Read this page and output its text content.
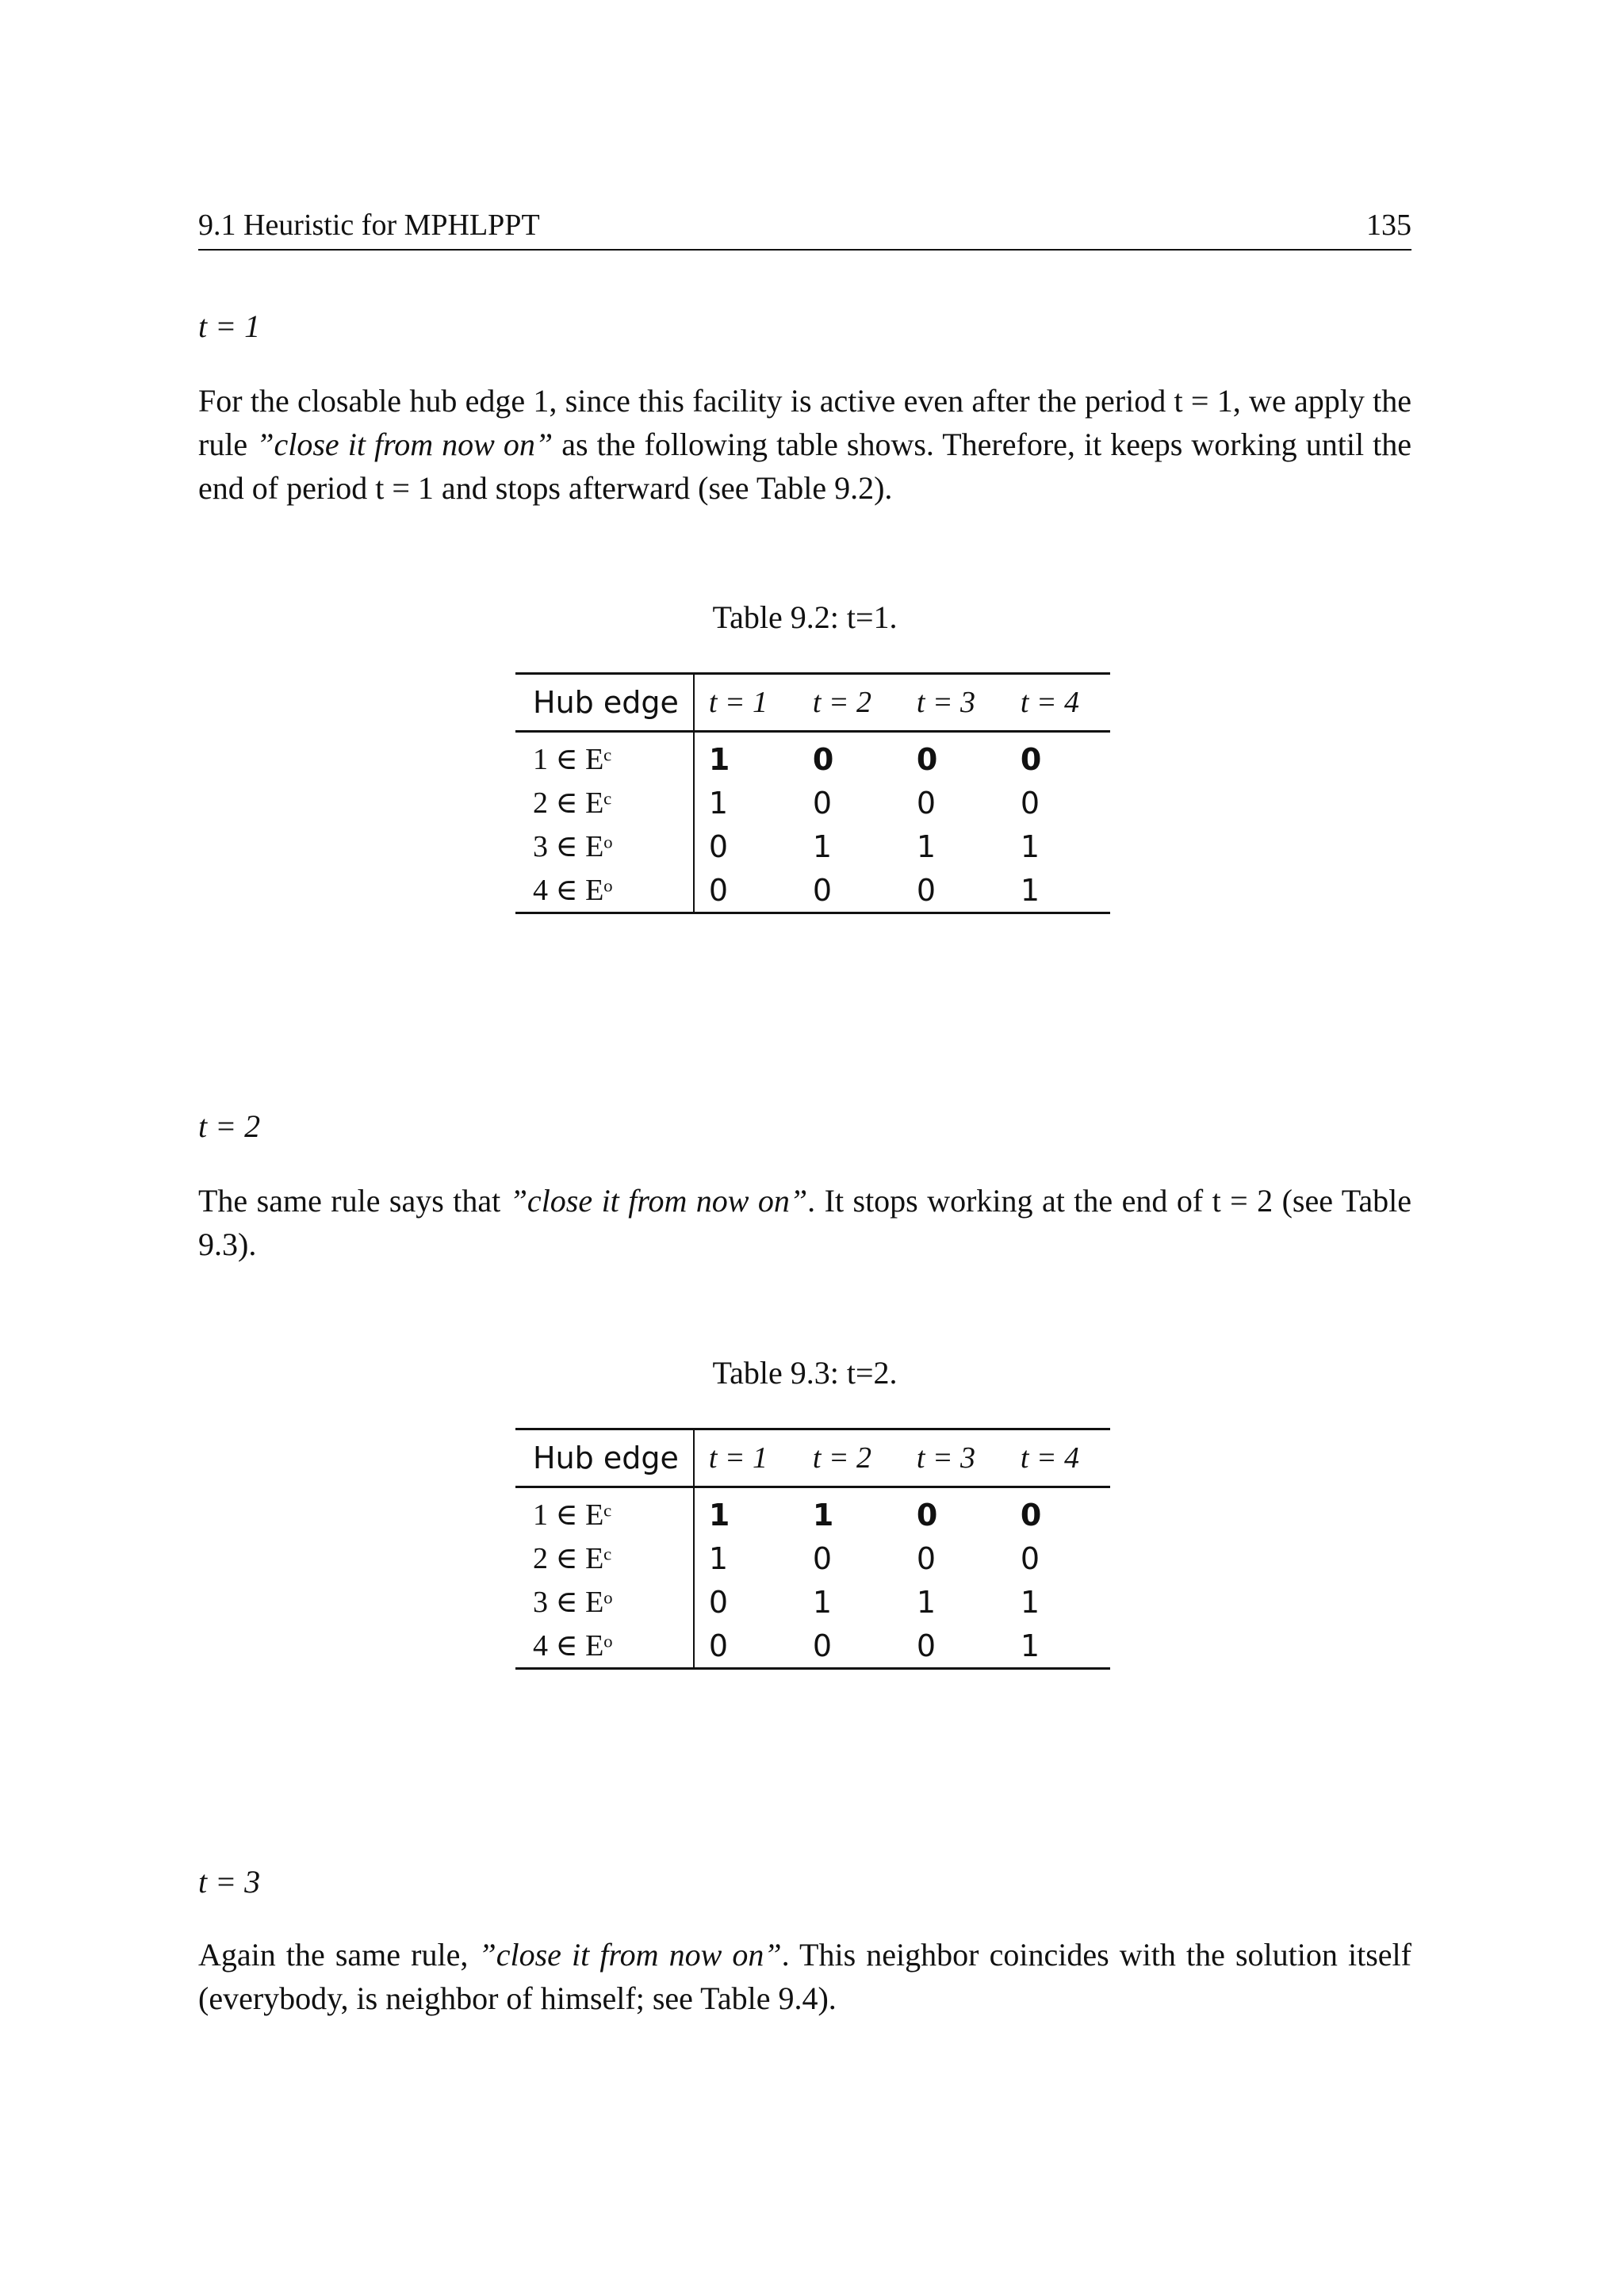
9.1 Heuristic for MPHLPPT	135
t = 1
For the closable hub edge 1, since this facility is active even after the period t = 1, we apply the rule ”close it from now on” as the following table shows. Therefore, it keeps working until the end of period t = 1 and stops afterward (see Table 9.2).
Table 9.2: t=1.
Hub edge	t = 1	t = 2	t = 3	t = 4
1 ∈ Eᶜ	1	0	0	0
2 ∈ Eᶜ	1	0	0	0
3 ∈ Eᵒ	0	1	1	1
4 ∈ Eᵒ	0	0	0	1
t = 2
The same rule says that ”close it from now on”. It stops working at the end of t = 2 (see Table 9.3).
Table 9.3: t=2.
Hub edge	t = 1	t = 2	t = 3	t = 4
1 ∈ Eᶜ	1	1	0	0
2 ∈ Eᶜ	1	0	0	0
3 ∈ Eᵒ	0	1	1	1
4 ∈ Eᵒ	0	0	0	1
t = 3
Again the same rule, ”close it from now on”. This neighbor coincides with the solution itself (everybody, is neighbor of himself; see Table 9.4).
